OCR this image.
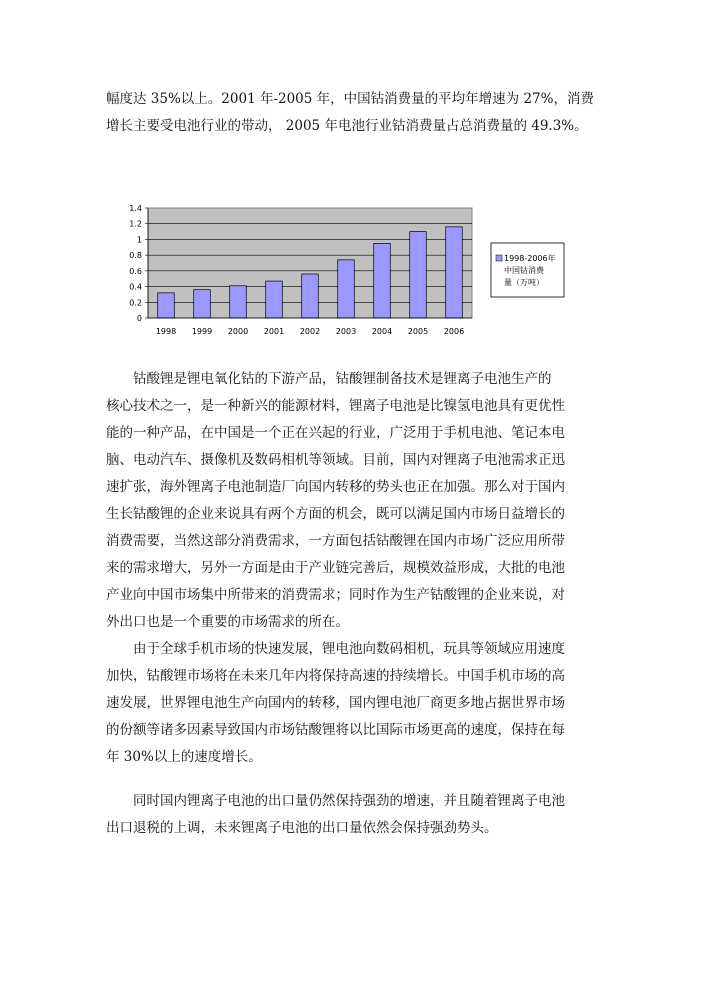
幅度达 35%以上。2001 年-2005 年，中国钴消费量的平均年增速为 27%，消费
增长主要受电池行业的带动， 2005 年电池行业钴消费量占总消费量的 49.3%。
0
0.2
0.4
0.6
0.8
1
1.2
1.4
1998 1999 2000 2001 2002 2003 2004 2005 2006
1998-2006年
中国钴消费
量（万吨）
　　钴酸锂是锂电氧化钴的下游产品，钴酸锂制备技术是锂离子电池生产的
核心技术之一，是一种新兴的能源材料，锂离子电池是比镍氢电池具有更优性
能的一种产品，在中国是一个正在兴起的行业，广泛用于手机电池、笔记本电
脑、电动汽车、摄像机及数码相机等领域。目前，国内对锂离子电池需求正迅
速扩张，海外锂离子电池制造厂向国内转移的势头也正在加强。那么对于国内
生长钴酸锂的企业来说具有两个方面的机会，既可以满足国内市场日益增长的
消费需要，当然这部分消费需求，一方面包括钴酸锂在国内市场广泛应用所带
来的需求增大，另外一方面是由于产业链完善后，规模效益形成，大批的电池
产业向中国市场集中所带来的消费需求；同时作为生产钴酸锂的企业来说，对
外出口也是一个重要的市场需求的所在。
　　由于全球手机市场的快速发展，锂电池向数码相机，玩具等领域应用速度
加快，钴酸锂市场将在未来几年内将保持高速的持续增长。中国手机市场的高
速发展，世界锂电池生产向国内的转移，国内锂电池厂商更多地占据世界市场
的份额等诸多因素导致国内市场钴酸锂将以比国际市场更高的速度，保持在每
年 30%以上的速度增长。
　　同时国内锂离子电池的出口量仍然保持强劲的增速，并且随着锂离子电池
出口退税的上调，未来锂离子电池的出口量依然会保持强劲势头。
